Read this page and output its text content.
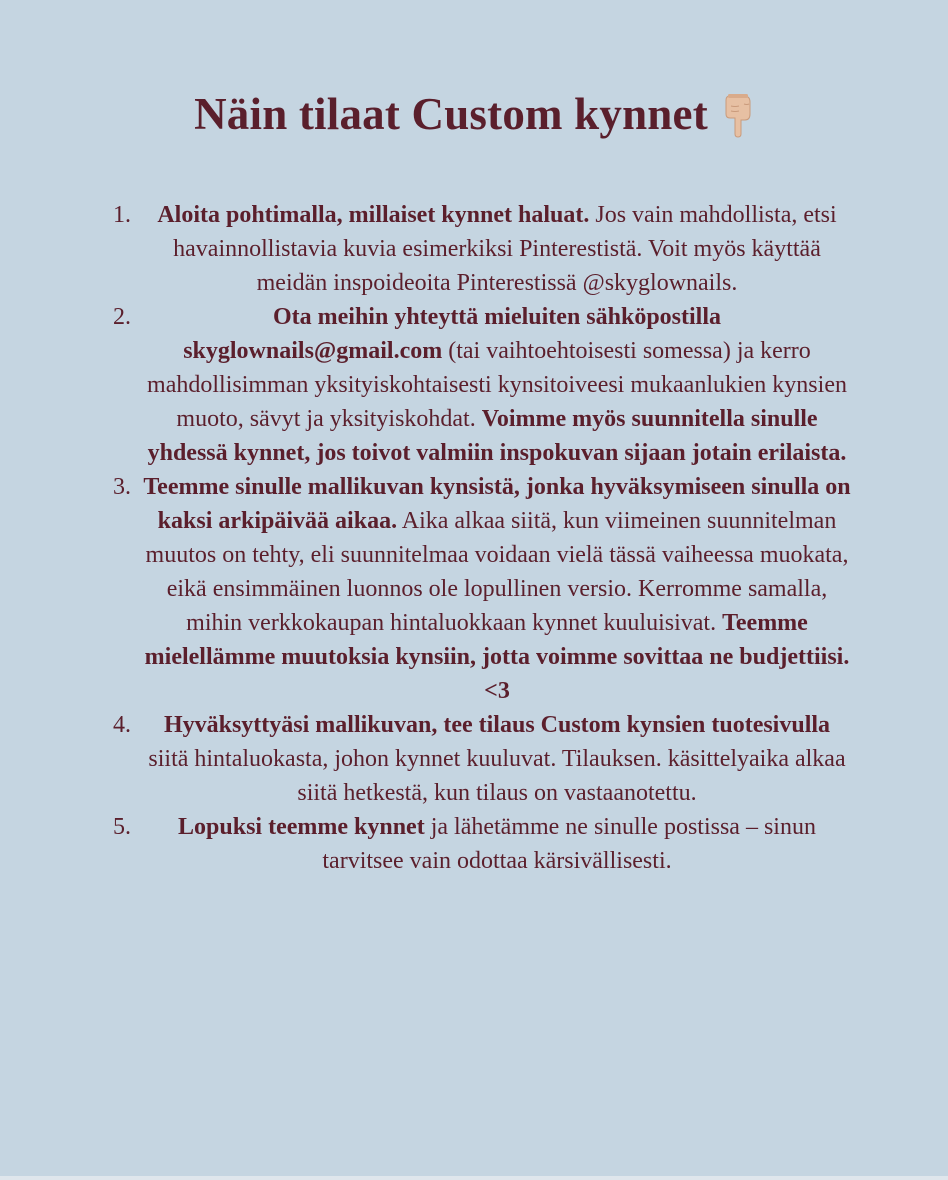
Näin tilaat Custom kynnet
1.	Aloita pohtimalla, millaiset kynnet haluat. Jos vain mahdollista, etsi havainnollistavia kuvia esimerkiksi Pinterestistä. Voit myös käyttää meidän inspoideoita Pinterestissä @skyglownails.
2.	Ota meihin yhteyttä mieluiten sähköpostilla skyglownails@gmail.com (tai vaihtoehtoisesti somessa) ja kerro mahdollisimman yksityiskohtaisesti kynsitoiveesi mukaanlukien kynsien muoto, sävyt ja yksityiskohdat. Voimme myös suunnitella sinulle yhdessä kynnet, jos toivot valmiin inspokuvan sijaan jotain erilaista.
3. Teemme sinulle mallikuvan kynsistä, jonka hyväksymiseen sinulla on kaksi arkipäivää aikaa. Aika alkaa siitä, kun viimeinen suunnitelman muutos on tehty, eli suunnitelmaa voidaan vielä tässä vaiheessa muokata, eikä ensimmäinen luonnos ole lopullinen versio. Kerromme samalla, mihin verkkokaupan hintaluokkaan kynnet kuuluisivat. Teemme mielellämme muutoksia kynsiin, jotta voimme sovittaa ne budjettiisi. <3
4.	Hyväksyttyäsi mallikuvan, tee tilaus Custom kynsien tuotesivulla siitä hintaluokasta, johon kynnet kuuluvat. Tilauksen. käsittelyaika alkaa siitä hetkestä, kun tilaus on vastaanotettu.
5.	Lopuksi teemme kynnet ja lähetämme ne sinulle postissa – sinun tarvitsee vain odottaa kärsivällisesti.
